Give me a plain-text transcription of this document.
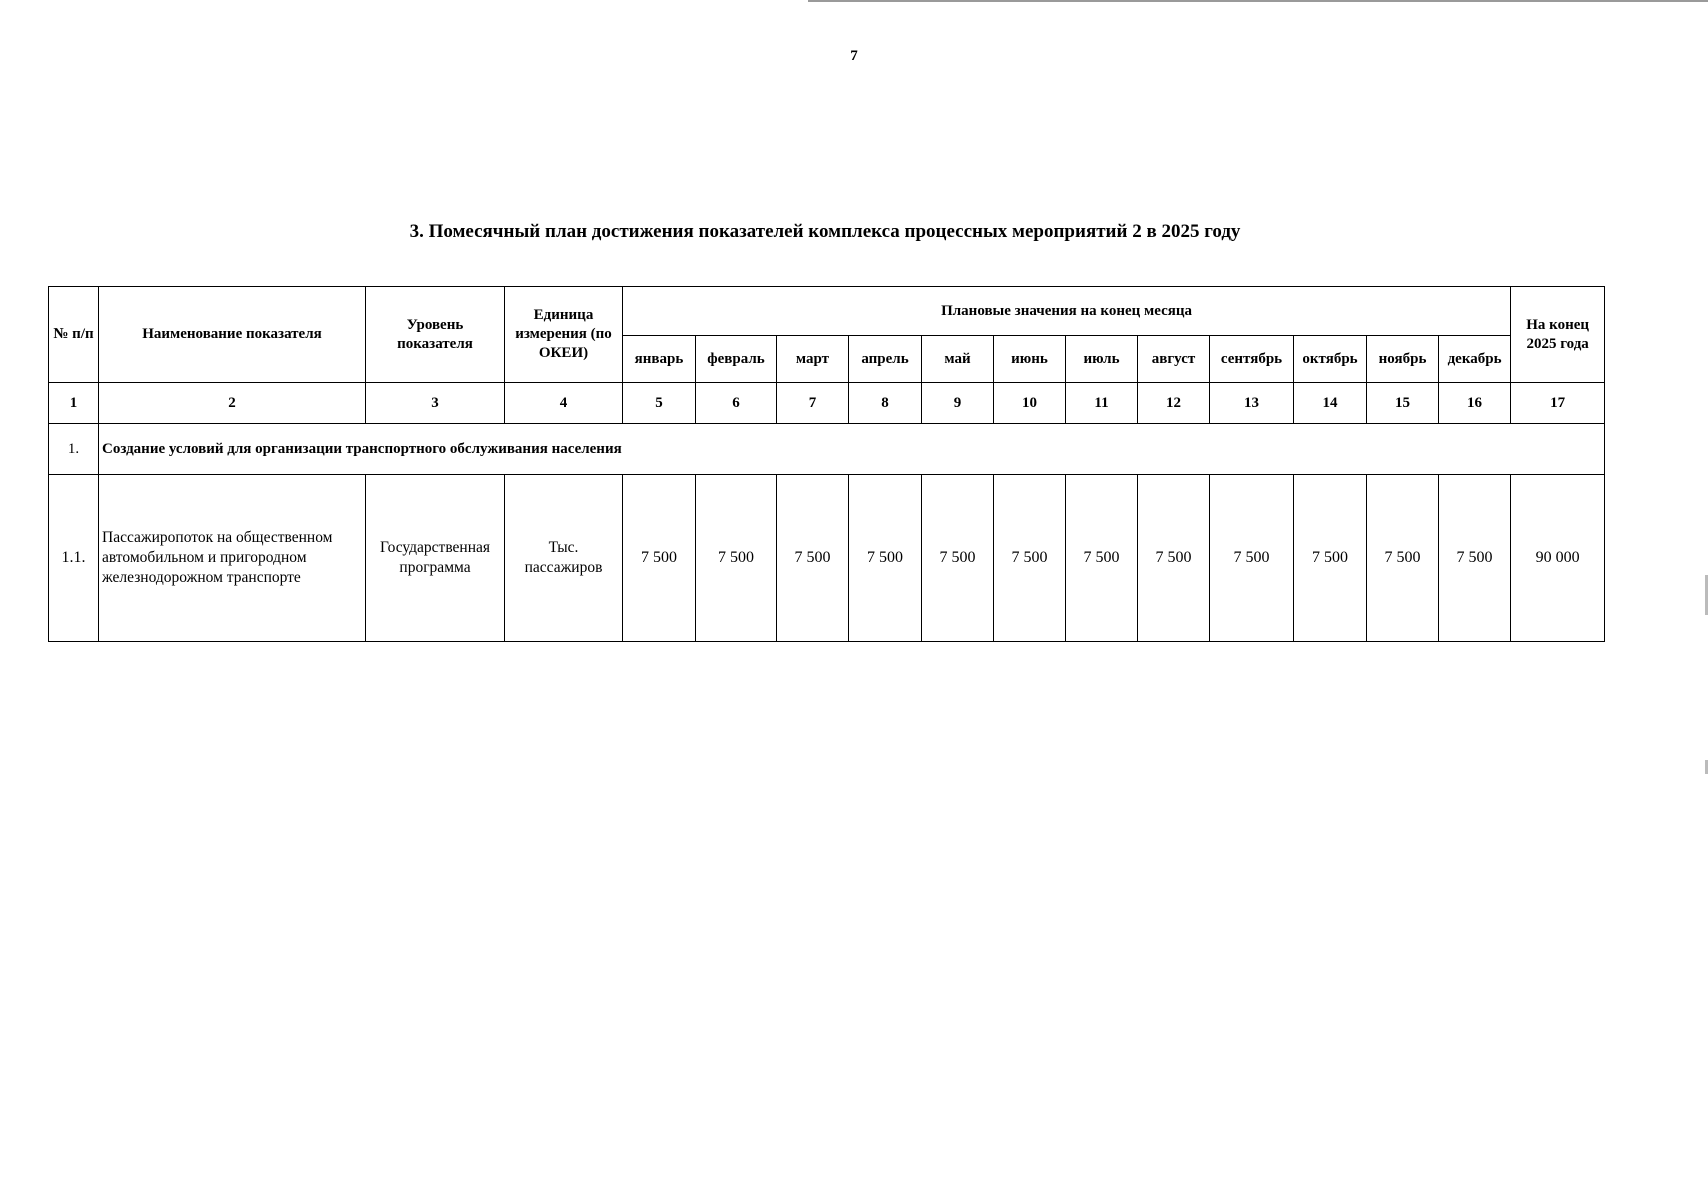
7
3. Помесячный план достижения показателей комплекса процессных мероприятий 2 в 2025 году
№ п/п	Наименование показателя	Уровень показателя	Единица измерения (по ОКЕИ)	Плановые значения на конец месяца												На конец 2025 года
				январь	февраль	март	апрель	май	июнь	июль	август	сентябрь	октябрь	ноябрь	декабрь	
1	2	3	4	5	6	7	8	9	10	11	12	13	14	15	16	17
1.	Создание условий для организации транспортного обслуживания населения															
1.1.	Пассажиропоток на общественном автомобильном и пригородном железнодорожном транспорте	Государственная программа	Тыс. пассажиров	7 500	7 500	7 500	7 500	7 500	7 500	7 500	7 500	7 500	7 500	7 500	7 500	90 000
